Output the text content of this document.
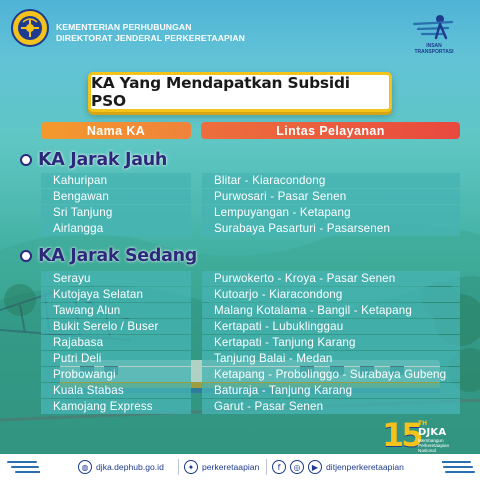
KEMENTERIAN PERHUBUNGAN
DIREKTORAT JENDERAL PERKERETAAPIAN
INSAN
TRANSPORTASI
KA Yang Mendapatkan Subsidi PSO
Nama KA	Lintas Pelayanan
KA Jarak Jauh
Kahuripan	Blitar - Kiaracondong
Bengawan	Purwosari - Pasar Senen
Sri Tanjung	Lempuyangan - Ketapang
Airlangga	Surabaya Pasarturi - Pasarsenen
KA Jarak Sedang
Serayu	Purwokerto - Kroya - Pasar Senen
Kutojaya Selatan	Kutoarjo - Kiaracondong
Tawang Alun	Malang Kotalama - Bangil - Ketapang
Bukit Serelo / Buser	Kertapati - Lubuklinggau
Rajabasa	Kertapati - Tanjung Karang
Putri Deli	Tanjung Balai - Medan
Probowangi	Ketapang - Probolinggo - Surabaya Gubeng
Kuala Stabas	Baturaja - Tanjung Karang
Kamojang Express	Garut - Pasar Senen
15
TH
DJKA
Membangun Perkeretaapian Nasional
◍ djka.dephub.go.id	✦ perkeretaapian	f	◎	▶ ditjenperkeretaapian
